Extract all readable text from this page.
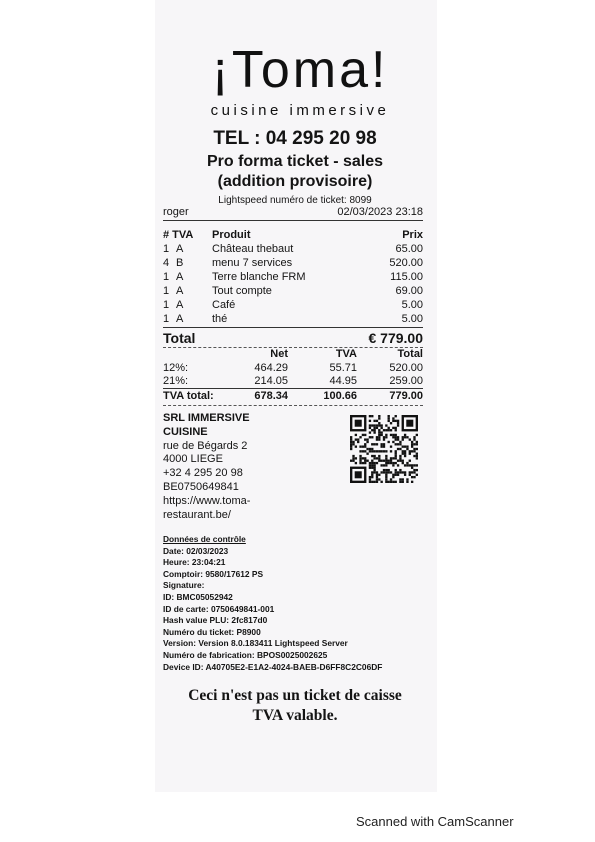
¡Toma!
cuisine immersive
TEL : 04 295 20 98
Pro forma ticket - sales
(addition provisoire)
Lightspeed numéro de ticket: 8099
roger	02/03/2023 23:18
# TVA Produit	Prix
1 A	Château thebaut	65.00
4 B	menu 7 services	520.00
1 A	Terre blanche FRM	115.00
1 A	Tout compte	69.00
1 A	Café	5.00
1 A	thé	5.00
Total	€ 779.00
Net	TVA	Total
12%:	464.29	55.71	520.00
21%:	214.05	44.95	259.00
TVA total:	678.34	100.66	779.00
SRL IMMERSIVE
CUISINE
rue de Bégards 2
4000 LIEGE
+32 4 295 20 98
BE0750649841
https://www.toma-
restaurant.be/
Données de contrôle
Date: 02/03/2023
Heure: 23:04:21
Comptoir: 9580/17612 PS
Signature:
ID: BMC05052942
ID de carte: 0750649841-001
Hash value PLU: 2fc817d0
Numéro du ticket: P8900
Version: Version 8.0.183411 Lightspeed Server
Numéro de fabrication: BPOS0025002625
Device ID: A40705E2-E1A2-4024-BAEB-D6FF8C2C06DF
Ceci n'est pas un ticket de caisse
TVA valable.
Scanned with CamScanner
